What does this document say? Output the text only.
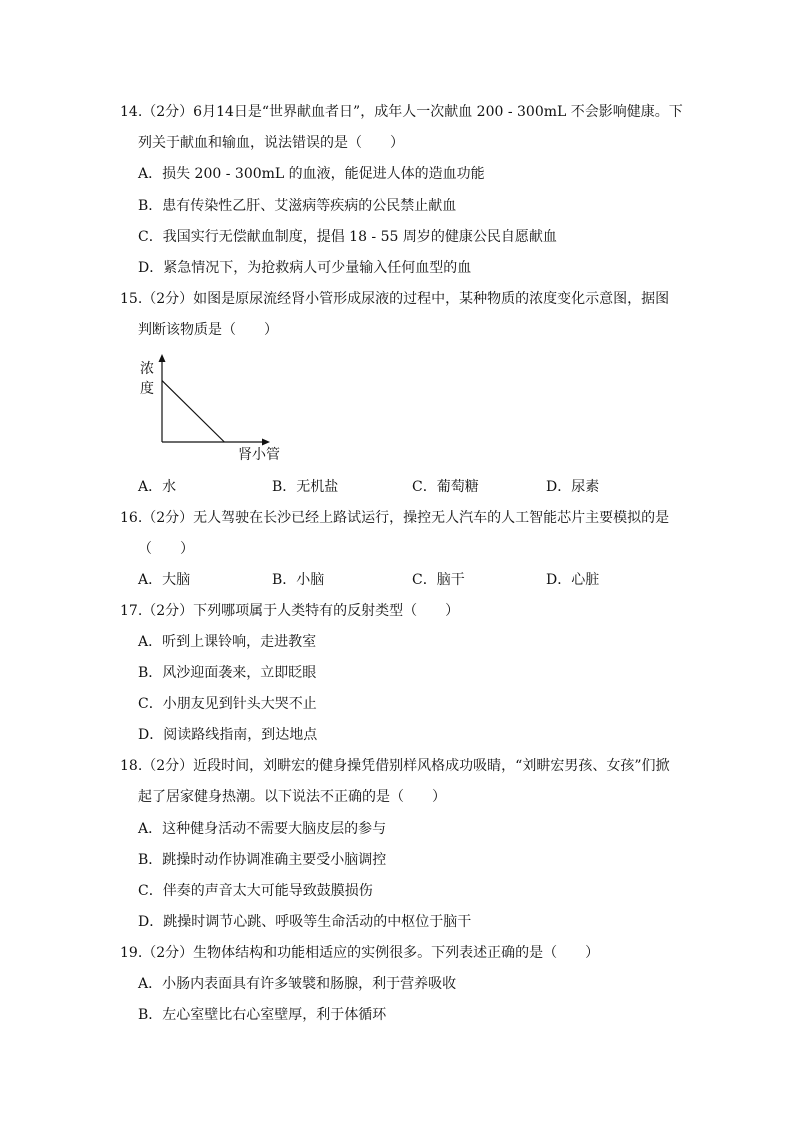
14.（2分）6月14日是“世界献血者日”，成年人一次献血 200 - 300mL 不会影响健康。下
列关于献血和输血，说法错误的是（　　）
A．损失 200 - 300mL 的血液，能促进人体的造血功能
B．患有传染性乙肝、艾滋病等疾病的公民禁止献血
C．我国实行无偿献血制度，提倡 18 - 55 周岁的健康公民自愿献血
D．紧急情况下，为抢救病人可少量输入任何血型的血
15.（2分）如图是原尿流经肾小管形成尿液的过程中，某种物质的浓度变化示意图，据图
判断该物质是（　　）
浓
度
肾小管
A．水	B．无机盐	C．葡萄糖	D．尿素
16.（2分）无人驾驶在长沙已经上路试运行，操控无人汽车的人工智能芯片主要模拟的是
（　　）
A．大脑	B．小脑	C．脑干	D．心脏
17.（2分）下列哪项属于人类特有的反射类型（　　）
A．听到上课铃响，走进教室
B．风沙迎面袭来，立即眨眼
C．小朋友见到针头大哭不止
D．阅读路线指南，到达地点
18.（2分）近段时间，刘畊宏的健身操凭借别样风格成功吸睛，“刘畊宏男孩、女孩”们掀
起了居家健身热潮。以下说法不正确的是（　　）
A．这种健身活动不需要大脑皮层的参与
B．跳操时动作协调准确主要受小脑调控
C．伴奏的声音太大可能导致鼓膜损伤
D．跳操时调节心跳、呼吸等生命活动的中枢位于脑干
19.（2分）生物体结构和功能相适应的实例很多。下列表述正确的是（　　）
A．小肠内表面具有许多皱襞和肠腺，利于营养吸收
B．左心室壁比右心室壁厚，利于体循环
